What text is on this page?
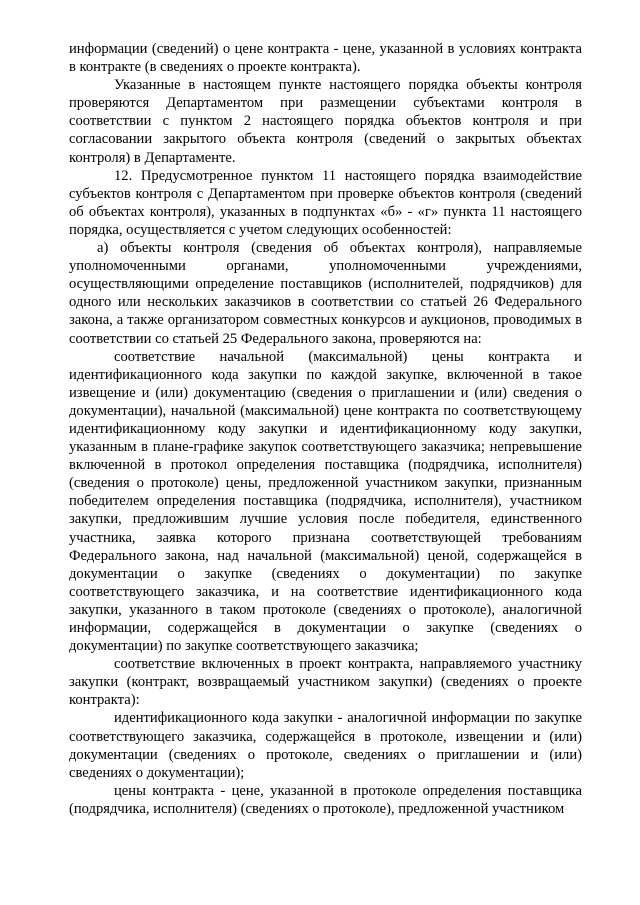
информации (сведений) о цене контракта - цене, указанной в условиях контракта в контракте (в сведениях о проекте контракта).

Указанные в настоящем пункте настоящего порядка объекты контроля проверяются Департаментом при размещении субъектами контроля в соответствии с пунктом 2 настоящего порядка объектов контроля и при согласовании закрытого объекта контроля (сведений о закрытых объектах контроля) в Департаменте.

12. Предусмотренное пунктом 11 настоящего порядка взаимодействие субъектов контроля с Департаментом при проверке объектов контроля (сведений об объектах контроля), указанных в подпунктах «б» - «г» пункта 11 настоящего порядка, осуществляется с учетом следующих особенностей:

а) объекты контроля (сведения об объектах контроля), направляемые уполномоченными органами, уполномоченными учреждениями, осуществляющими определение поставщиков (исполнителей, подрядчиков) для одного или нескольких заказчиков в соответствии со статьей 26 Федерального закона, а также организатором совместных конкурсов и аукционов, проводимых в соответствии со статьей 25 Федерального закона, проверяются на:

соответствие начальной (максимальной) цены контракта и идентификационного кода закупки по каждой закупке, включенной в такое извещение и (или) документацию (сведения о приглашении и (или) сведения о документации), начальной (максимальной) цене контракта по соответствующему идентификационному коду закупки и идентификационному коду закупки, указанным в плане-графике закупок соответствующего заказчика; непревышение включенной в протокол определения поставщика (подрядчика, исполнителя) (сведения о протоколе) цены, предложенной участником закупки, признанным победителем определения поставщика (подрядчика, исполнителя), участником закупки, предложившим лучшие условия после победителя, единственного участника, заявка которого признана соответствующей требованиям Федерального закона, над начальной (максимальной) ценой, содержащейся в документации о закупке (сведениях о документации) по закупке соответствующего заказчика, и на соответствие идентификационного кода закупки, указанного в таком протоколе (сведениях о протоколе), аналогичной информации, содержащейся в документации о закупке (сведениях о документации) по закупке соответствующего заказчика;

соответствие включенных в проект контракта, направляемого участнику закупки (контракт, возвращаемый участником закупки) (сведениях о проекте контракта):

идентификационного кода закупки - аналогичной информации по закупке соответствующего заказчика, содержащейся в протоколе, извещении и (или) документации (сведениях о протоколе, сведениях о приглашении и (или) сведениях о документации);

цены контракта - цене, указанной в протоколе определения поставщика (подрядчика, исполнителя) (сведениях о протоколе), предложенной участником
